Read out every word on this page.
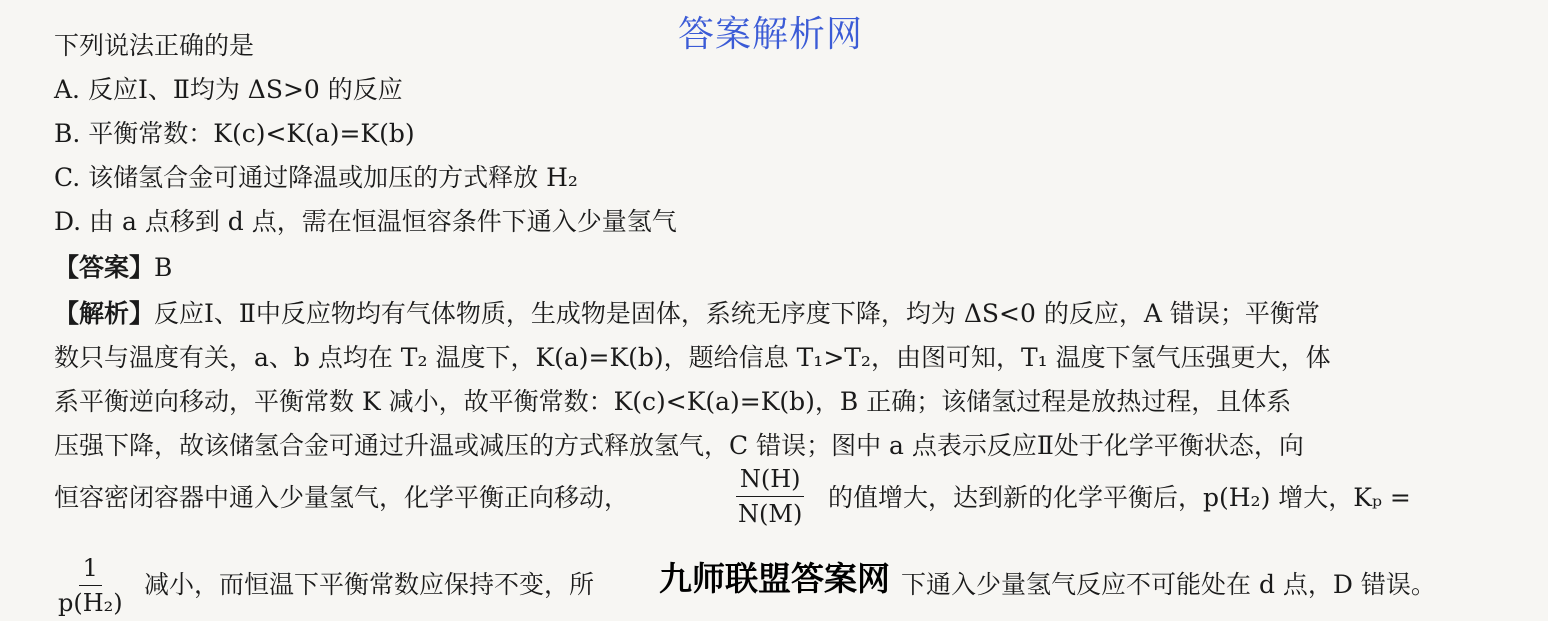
答案解析网
下列说法正确的是
A. 反应Ⅰ、Ⅱ均为 ΔS>0 的反应
B. 平衡常数：K(c)<K(a)=K(b)
C. 该储氢合金可通过降温或加压的方式释放 H₂
D. 由 a 点移到 d 点，需在恒温恒容条件下通入少量氢气
【答案】B
【解析】反应Ⅰ、Ⅱ中反应物均有气体物质，生成物是固体，系统无序度下降，均为 ΔS<0 的反应，A 错误；平衡常
数只与温度有关，a、b 点均在 T₂ 温度下，K(a)=K(b)，题给信息 T₁>T₂，由图可知，T₁ 温度下氢气压强更大，体
系平衡逆向移动，平衡常数 K 减小，故平衡常数：K(c)<K(a)=K(b)，B 正确；该储氢过程是放热过程，且体系
压强下降，故该储氢合金可通过升温或减压的方式释放氢气，C 错误；图中 a 点表示反应Ⅱ处于化学平衡状态，向
恒容密闭容器中通入少量氢气，化学平衡正向移动，	$\frac{N(H)}{N(M)}$ 的值增大，达到新的化学平衡后，p(H₂) 增大，Kₚ =
$\frac{1}{\text{p(H₂)}}$ 减小，而恒温下平衡常数应保持不变，所 九师联盟答案网 下通入少量氢气反应不可能处在 d 点，D 错误。
